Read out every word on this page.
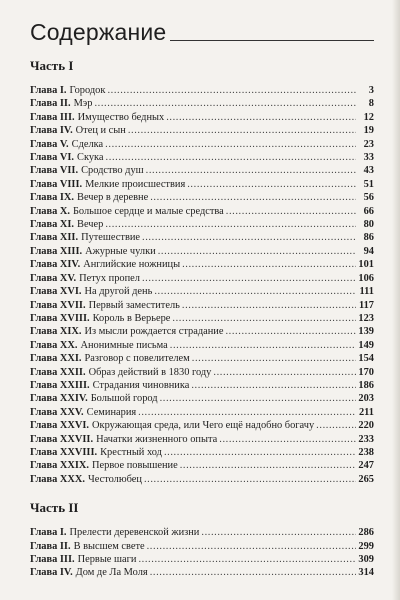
Содержание
Часть I
Глава I. Городок .....	3
Глава II. Мэр .....	8
Глава III. Имущество бедных .....	12
Глава IV. Отец и сын .....	19
Глава V. Сделка .....	23
Глава VI. Скука .....	33
Глава VII. Сродство душ .....	43
Глава VIII. Мелкие происшествия .....	51
Глава IX. Вечер в деревне .....	56
Глава X. Большое сердце и малые средства .....	66
Глава XI. Вечер .....	80
Глава XII. Путешествие .....	86
Глава XIII. Ажурные чулки .....	94
Глава XIV. Английские ножницы .....	101
Глава XV. Петух пропел .....	106
Глава XVI. На другой день .....	111
Глава XVII. Первый заместитель .....	117
Глава XVIII. Король в Верьере .....	123
Глава XIX. Из мысли рождается страдание .....	139
Глава XX. Анонимные письма .....	149
Глава XXI. Разговор с повелителем .....	154
Глава XXII. Образ действий в 1830 году .....	170
Глава XXIII. Страдания чиновника .....	186
Глава XXIV. Большой город .....	203
Глава XXV. Семинария .....	211
Глава XXVI. Окружающая среда, или Чего ещё надобно богачу .....	220
Глава XXVII. Начатки жизненного опыта .....	233
Глава XXVIII. Крестный ход .....	238
Глава XXIX. Первое повышение .....	247
Глава XXX. Честолюбец .....	265
Часть II
Глава I. Прелести деревенской жизни .....	286
Глава II. В высшем свете .....	299
Глава III. Первые шаги .....	309
Глава IV. Дом де Ла Моля .....	314
